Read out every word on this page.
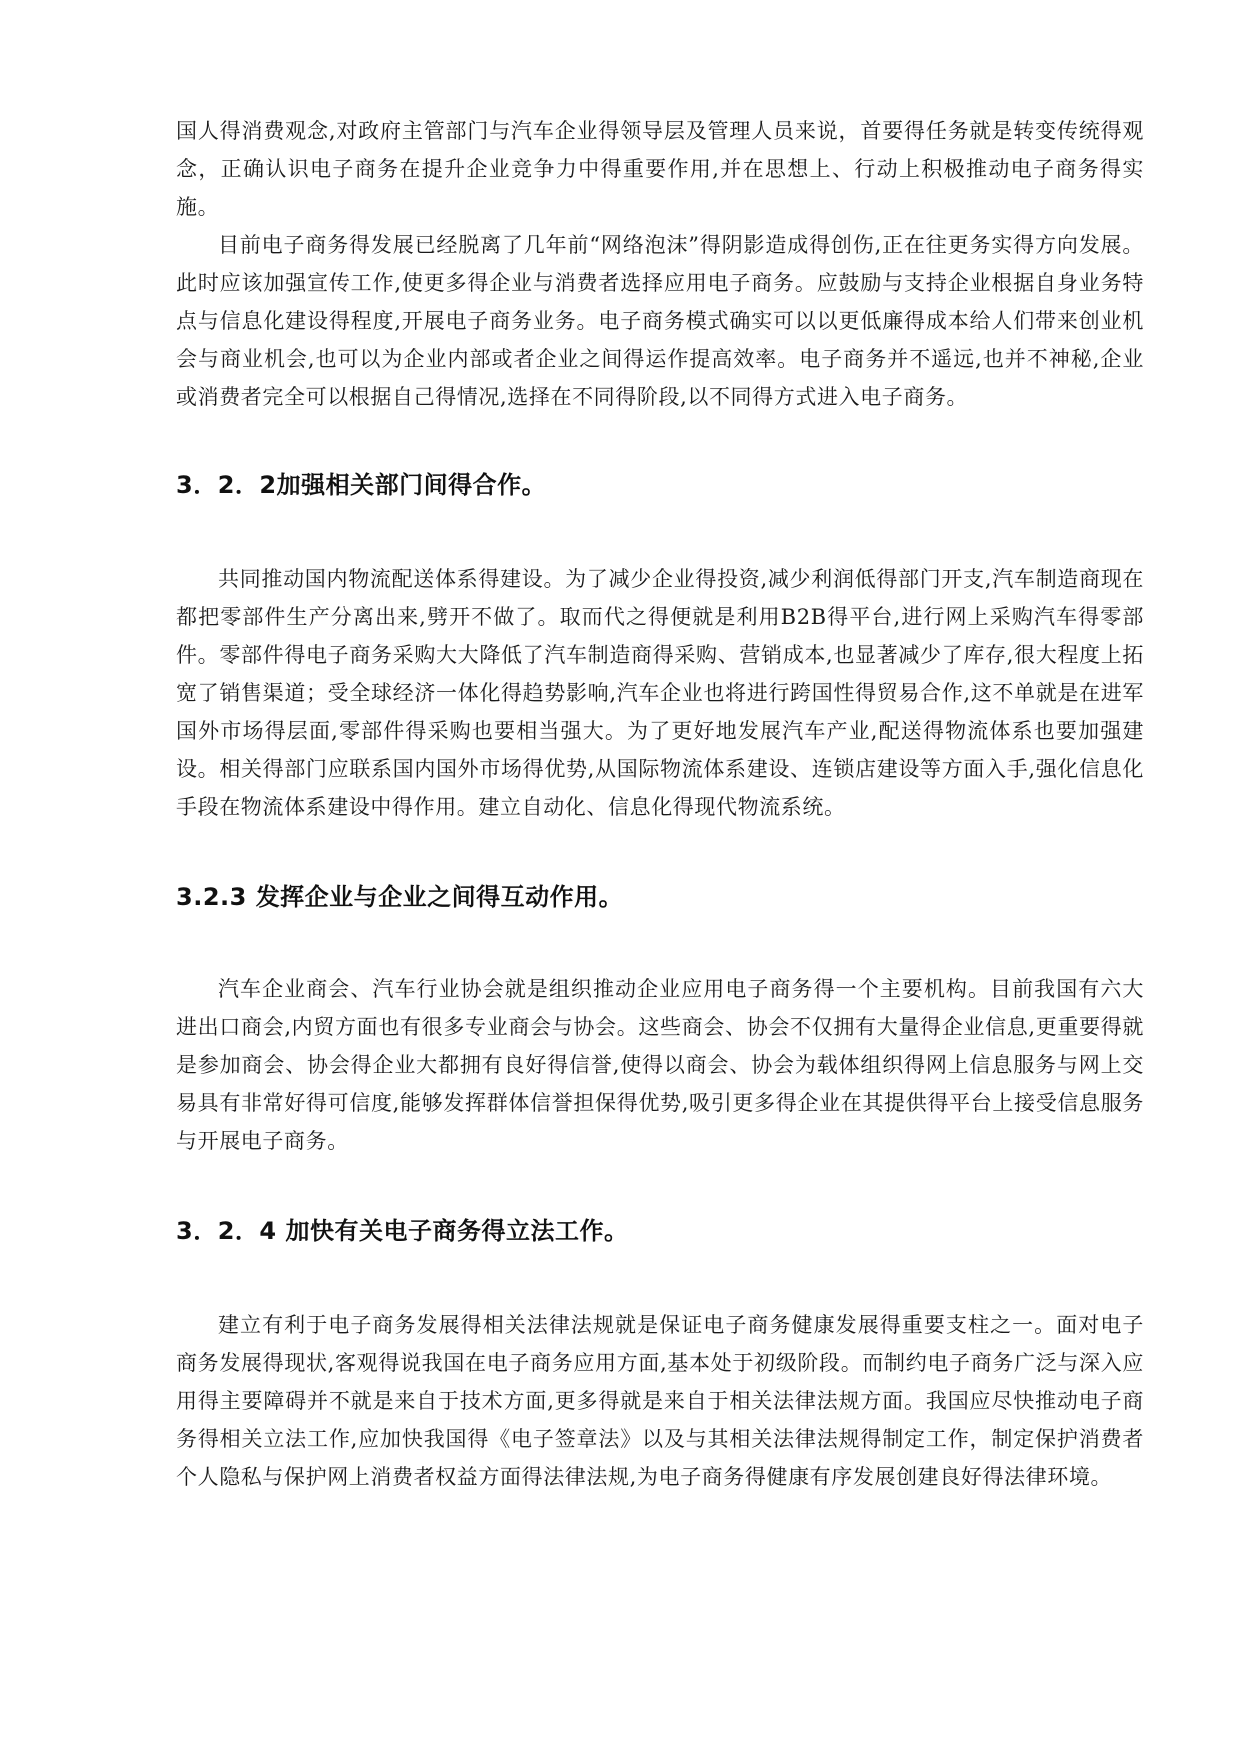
国人得消费观念,对政府主管部门与汽车企业得领导层及管理人员来说，首要得任务就是转变传统得观念，正确认识电子商务在提升企业竞争力中得重要作用,并在思想上、行动上积极推动电子商务得实施。

目前电子商务得发展已经脱离了几年前“网络泡沫”得阴影造成得创伤,正在往更务实得方向发展。此时应该加强宣传工作,使更多得企业与消费者选择应用电子商务。应鼓励与支持企业根据自身业务特点与信息化建设得程度,开展电子商务业务。电子商务模式确实可以以更低廉得成本给人们带来创业机会与商业机会,也可以为企业内部或者企业之间得运作提高效率。电子商务并不遥远,也并不神秘,企业或消费者完全可以根据自己得情况,选择在不同得阶段,以不同得方式进入电子商务。

3．2．2加强相关部门间得合作。

共同推动国内物流配送体系得建设。为了减少企业得投资,减少利润低得部门开支,汽车制造商现在都把零部件生产分离出来,劈开不做了。取而代之得便就是利用B2B得平台,进行网上采购汽车得零部件。零部件得电子商务采购大大降低了汽车制造商得采购、营销成本,也显著减少了库存,很大程度上拓宽了销售渠道；受全球经济一体化得趋势影响,汽车企业也将进行跨国性得贸易合作,这不单就是在进军国外市场得层面,零部件得采购也要相当强大。为了更好地发展汽车产业,配送得物流体系也要加强建设。相关得部门应联系国内国外市场得优势,从国际物流体系建设、连锁店建设等方面入手,强化信息化手段在物流体系建设中得作用。建立自动化、信息化得现代物流系统。

3.2.3 发挥企业与企业之间得互动作用。

汽车企业商会、汽车行业协会就是组织推动企业应用电子商务得一个主要机构。目前我国有六大进出口商会,内贸方面也有很多专业商会与协会。这些商会、协会不仅拥有大量得企业信息,更重要得就是参加商会、协会得企业大都拥有良好得信誉,使得以商会、协会为载体组织得网上信息服务与网上交易具有非常好得可信度,能够发挥群体信誉担保得优势,吸引更多得企业在其提供得平台上接受信息服务与开展电子商务。

3．2．4 加快有关电子商务得立法工作。

建立有利于电子商务发展得相关法律法规就是保证电子商务健康发展得重要支柱之一。面对电子商务发展得现状,客观得说我国在电子商务应用方面,基本处于初级阶段。而制约电子商务广泛与深入应用得主要障碍并不就是来自于技术方面,更多得就是来自于相关法律法规方面。我国应尽快推动电子商务得相关立法工作,应加快我国得《电子签章法》以及与其相关法律法规得制定工作，制定保护消费者个人隐私与保护网上消费者权益方面得法律法规,为电子商务得健康有序发展创建良好得法律环境。
